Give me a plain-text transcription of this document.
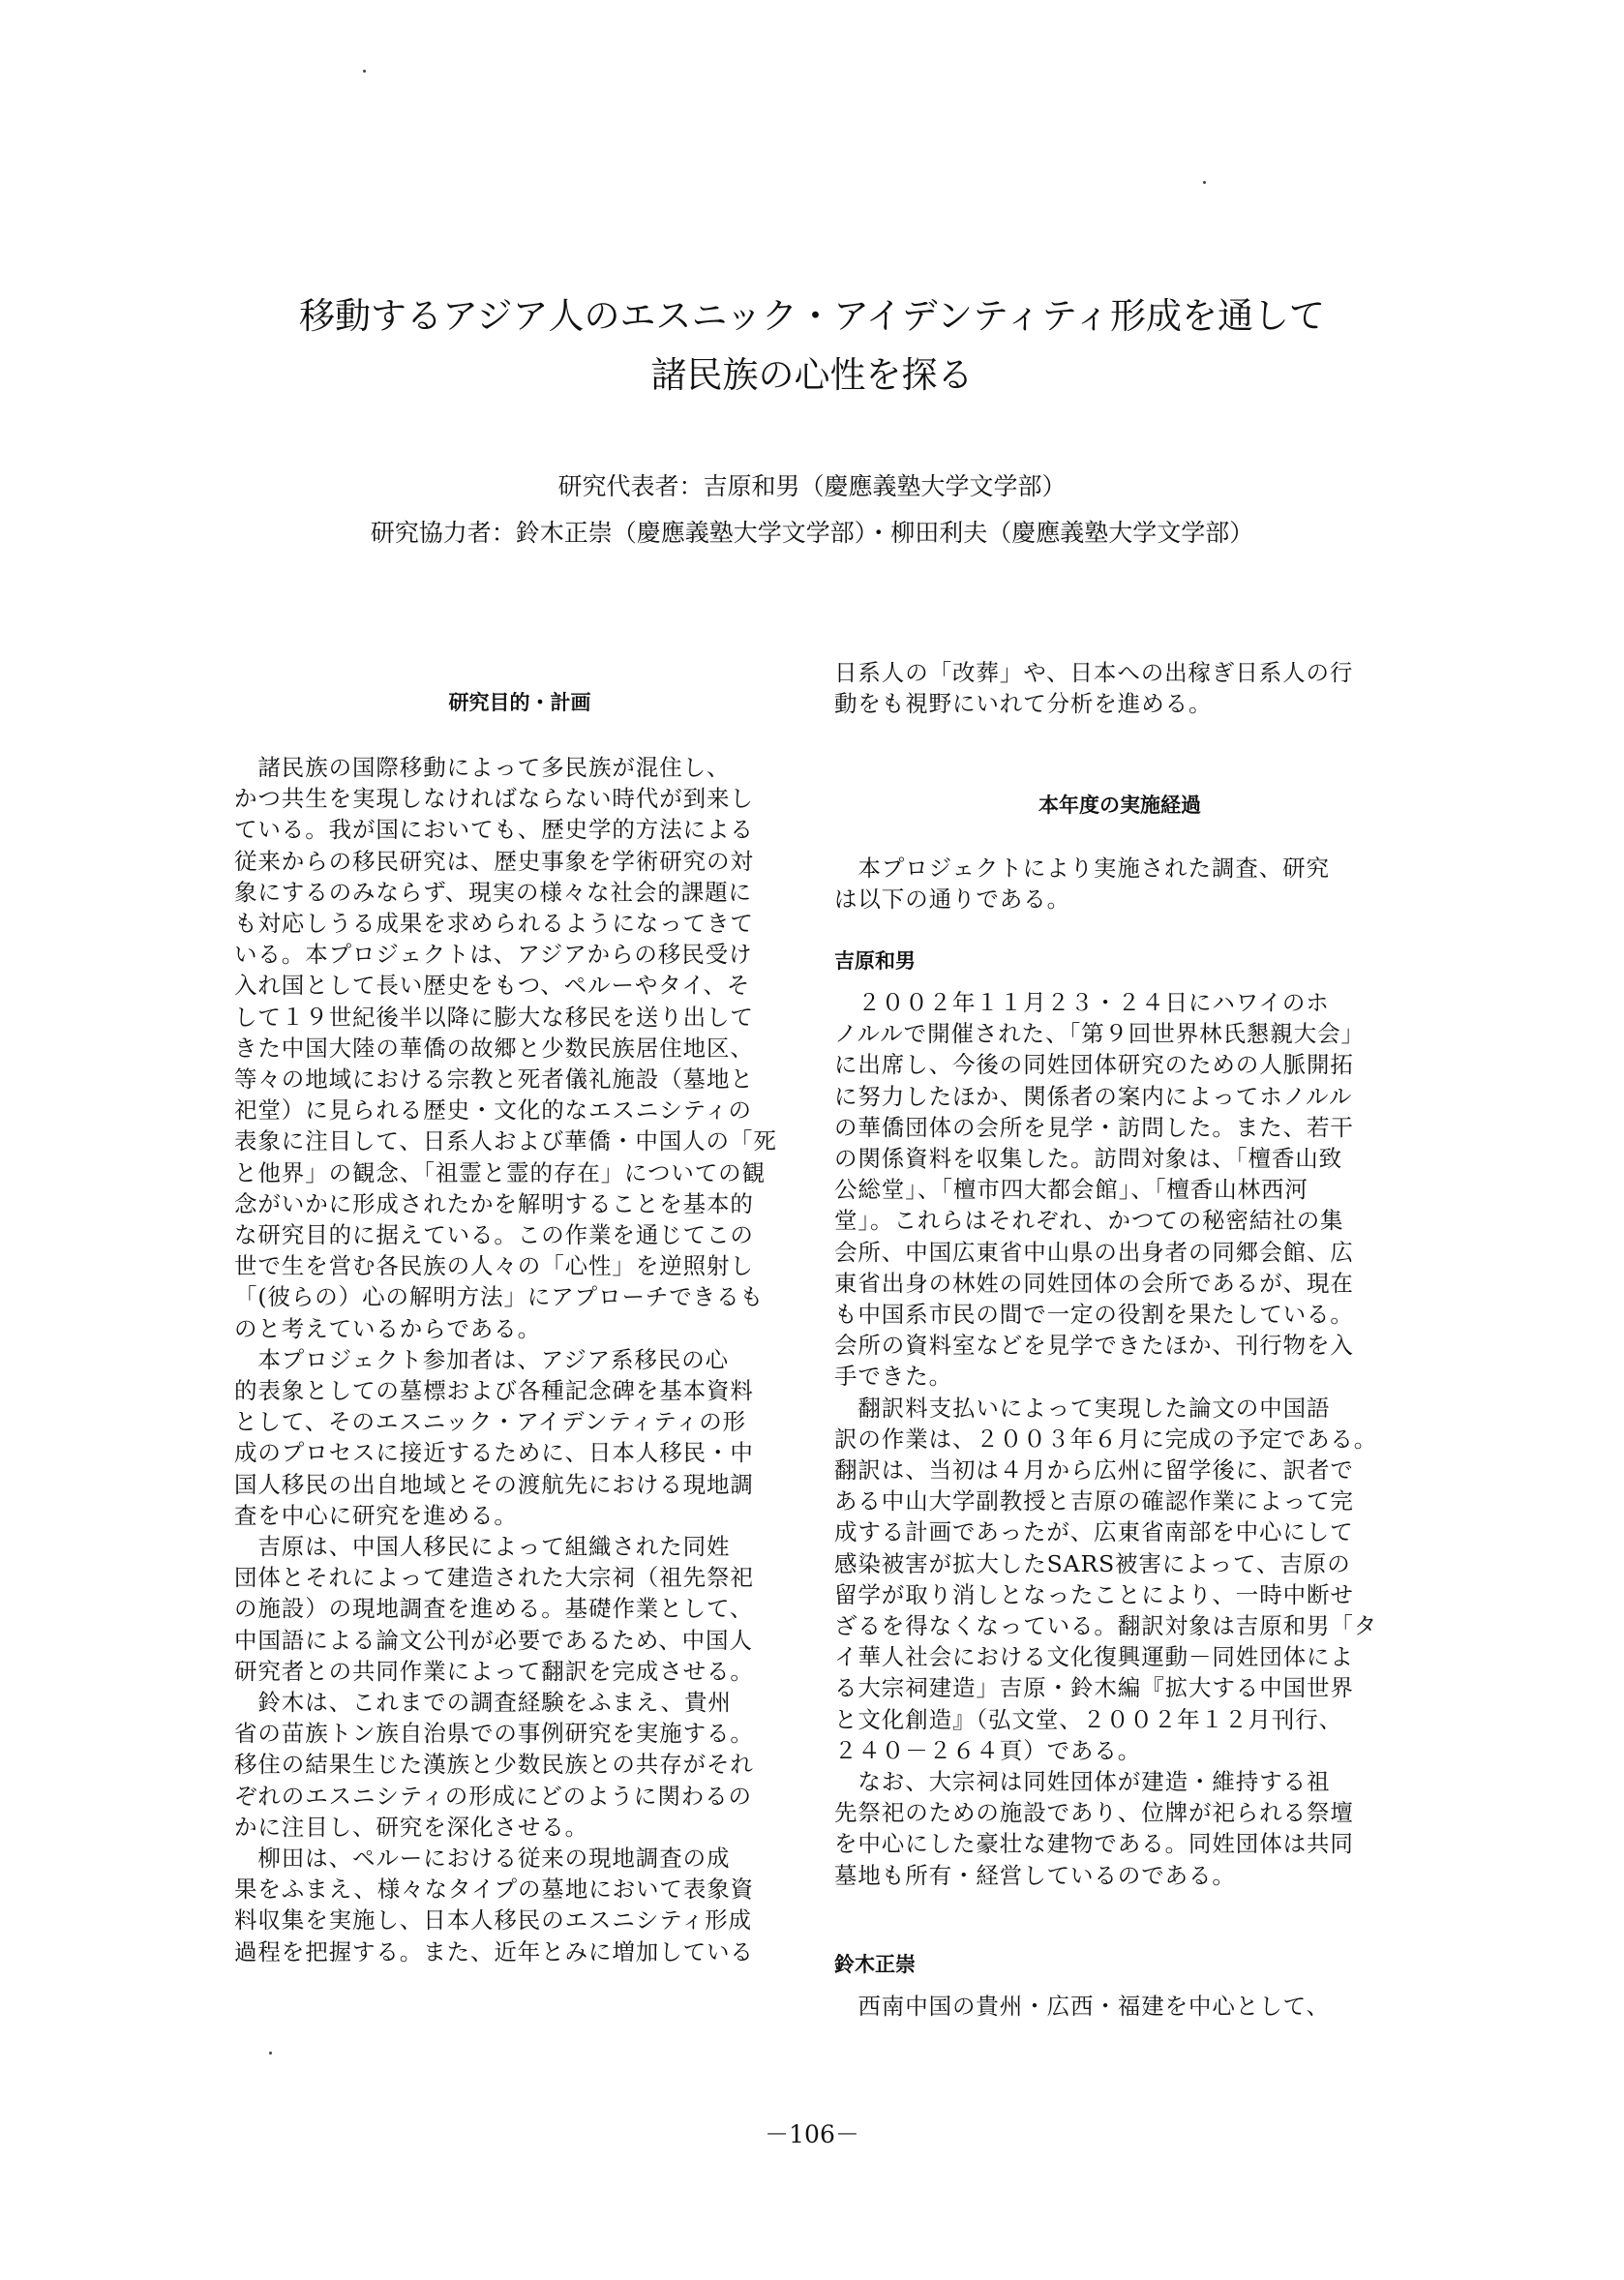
移動するアジア人のエスニック・アイデンティティ形成を通して
諸民族の心性を探る
研究代表者：吉原和男（慶應義塾大学文学部）
研究協力者：鈴木正崇（慶應義塾大学文学部）・柳田利夫（慶應義塾大学文学部）
研究目的・計画
　諸民族の国際移動によって多民族が混住し、
かつ共生を実現しなければならない時代が到来し
ている。我が国においても、歴史学的方法による
従来からの移民研究は、歴史事象を学術研究の対
象にするのみならず、現実の様々な社会的課題に
も対応しうる成果を求められるようになってきて
いる。本プロジェクトは、アジアからの移民受け
入れ国として長い歴史をもつ、ペルーやタイ、そ
して１９世紀後半以降に膨大な移民を送り出して
きた中国大陸の華僑の故郷と少数民族居住地区、
等々の地域における宗教と死者儀礼施設（墓地と
祀堂）に見られる歴史・文化的なエスニシティの
表象に注目して、日系人および華僑・中国人の「死
と他界」の観念、「祖霊と霊的存在」についての観
念がいかに形成されたかを解明することを基本的
な研究目的に据えている。この作業を通じてこの
世で生を営む各民族の人々の「心性」を逆照射し
「(彼らの）心の解明方法」にアプローチできるも
のと考えているからである。
　本プロジェクト参加者は、アジア系移民の心
的表象としての墓標および各種記念碑を基本資料
として、そのエスニック・アイデンティティの形
成のプロセスに接近するために、日本人移民・中
国人移民の出自地域とその渡航先における現地調
査を中心に研究を進める。
　吉原は、中国人移民によって組織された同姓
団体とそれによって建造された大宗祠（祖先祭祀
の施設）の現地調査を進める。基礎作業として、
中国語による論文公刊が必要であるため、中国人
研究者との共同作業によって翻訳を完成させる。
　鈴木は、これまでの調査経験をふまえ、貴州
省の苗族トン族自治県での事例研究を実施する。
移住の結果生じた漢族と少数民族との共存がそれ
ぞれのエスニシティの形成にどのように関わるの
かに注目し、研究を深化させる。
　柳田は、ペルーにおける従来の現地調査の成
果をふまえ、様々なタイプの墓地において表象資
料収集を実施し、日本人移民のエスニシティ形成
過程を把握する。また、近年とみに増加している
日系人の「改葬」や、日本への出稼ぎ日系人の行
動をも視野にいれて分析を進める。
本年度の実施経過
　本プロジェクトにより実施された調査、研究
は以下の通りである。
吉原和男
　２００２年１１月２３・２４日にハワイのホ
ノルルで開催された、「第９回世界林氏懇親大会」
に出席し、今後の同姓団体研究のための人脈開拓
に努力したほか、関係者の案内によってホノルル
の華僑団体の会所を見学・訪問した。また、若干
の関係資料を収集した。訪問対象は、「檀香山致
公総堂」、「檀市四大都会館」、「檀香山林西河
堂」。これらはそれぞれ、かつての秘密結社の集
会所、中国広東省中山県の出身者の同郷会館、広
東省出身の林姓の同姓団体の会所であるが、現在
も中国系市民の間で一定の役割を果たしている。
会所の資料室などを見学できたほか、刊行物を入
手できた。
　翻訳料支払いによって実現した論文の中国語
訳の作業は、２００３年６月に完成の予定である。
翻訳は、当初は４月から広州に留学後に、訳者で
ある中山大学副教授と吉原の確認作業によって完
成する計画であったが、広東省南部を中心にして
感染被害が拡大したSARS被害によって、吉原の
留学が取り消しとなったことにより、一時中断せ
ざるを得なくなっている。翻訳対象は吉原和男「タ
イ華人社会における文化復興運動－同姓団体によ
る大宗祠建造」吉原・鈴木編『拡大する中国世界
と文化創造』（弘文堂、２００２年１２月刊行、
２４０－２６４頁）である。
　なお、大宗祠は同姓団体が建造・維持する祖
先祭祀のための施設であり、位牌が祀られる祭壇
を中心にした豪壮な建物である。同姓団体は共同
墓地も所有・経営しているのである。
鈴木正崇
　西南中国の貴州・広西・福建を中心として、
－106－
